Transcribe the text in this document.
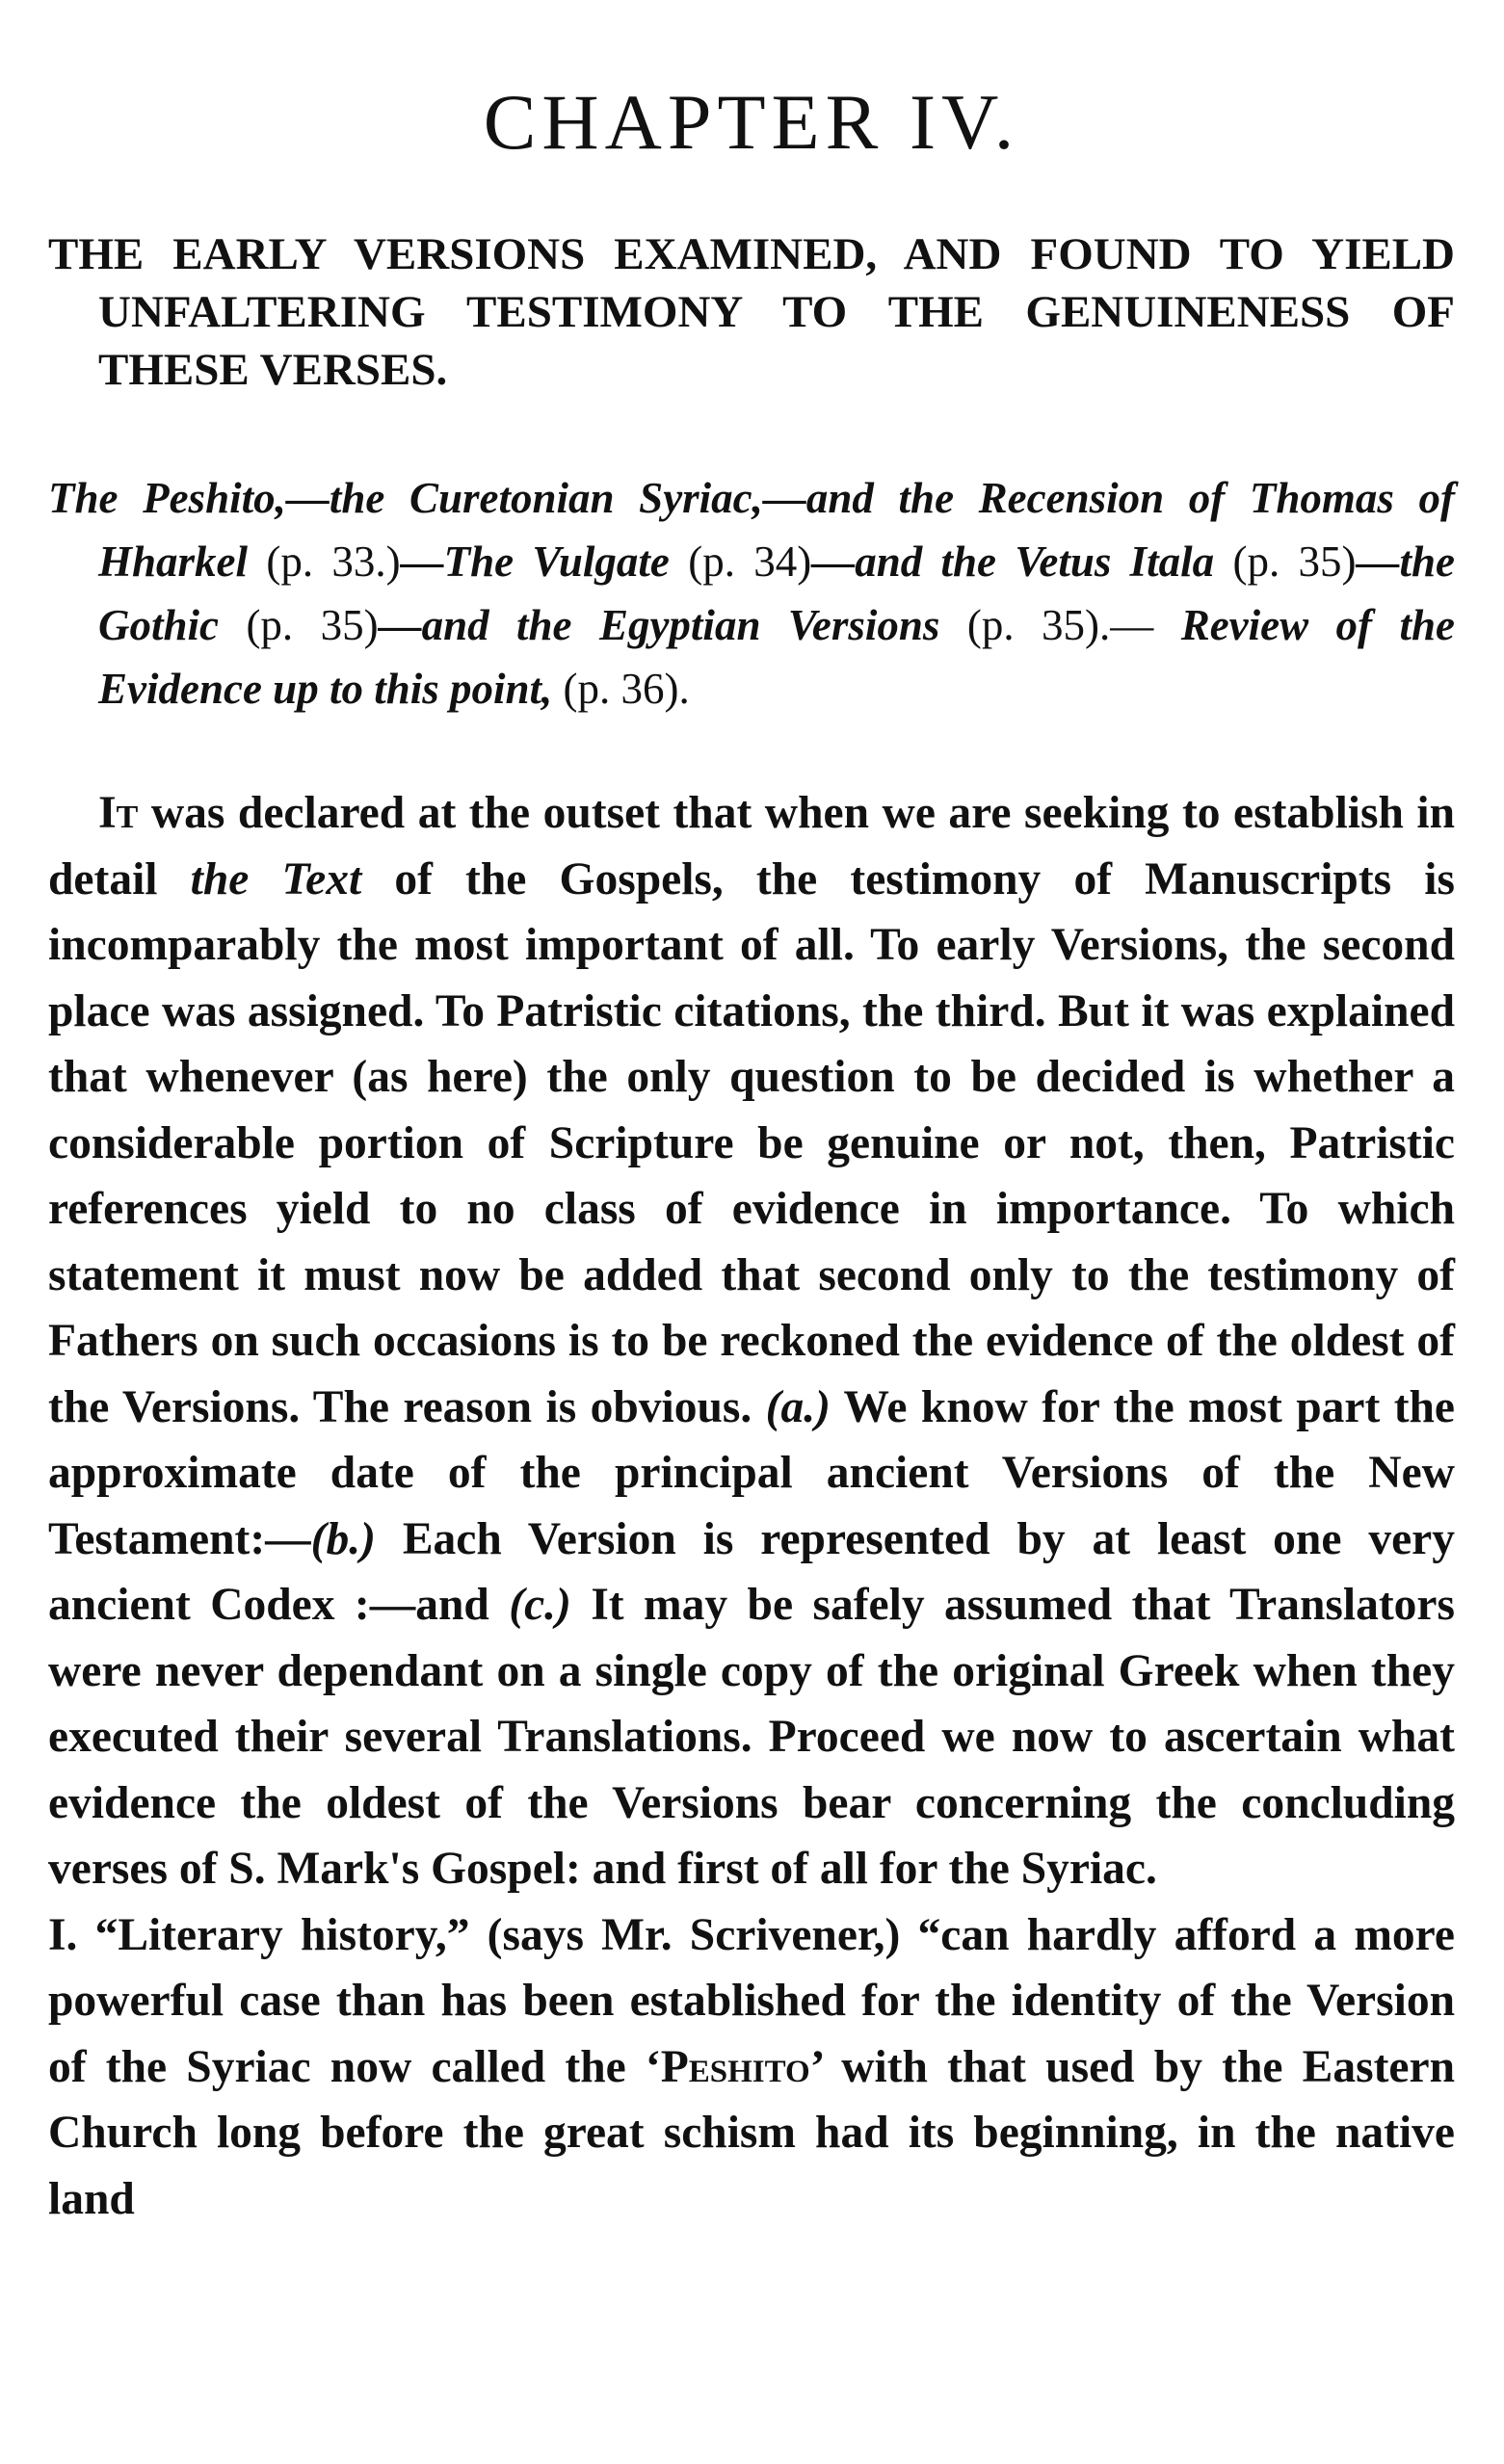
CHAPTER IV.

THE EARLY VERSIONS EXAMINED, AND FOUND TO YIELD UNFALTERING TESTIMONY TO THE GENUINENESS OF THESE VERSES.

The Peshito,—the Curetonian Syriac,—and the Recension of Thomas of Hharkel (p. 33.)—The Vulgate (p. 34)—and the Vetus Itala (p. 35)—the Gothic (p. 35)—and the Egyptian Versions (p. 35).— Review of the Evidence up to this point, (p. 36).

It was declared at the outset that when we are seeking to establish in detail the Text of the Gospels, the testimony of Manuscripts is incomparably the most important of all. To early Versions, the second place was assigned. To Patristic citations, the third. But it was explained that whenever (as here) the only question to be decided is whether a considerable portion of Scripture be genuine or not, then, Patristic references yield to no class of evidence in importance. To which statement it must now be added that second only to the testimony of Fathers on such occasions is to be reckoned the evidence of the oldest of the Versions. The reason is obvious. (a.) We know for the most part the approximate date of the principal ancient Versions of the New Testament:—(b.) Each Version is represented by at least one very ancient Codex :—and (c.) It may be safely assumed that Translators were never dependant on a single copy of the original Greek when they executed their several Translations. Proceed we now to ascertain what evidence the oldest of the Versions bear concerning the concluding verses of S. Mark's Gospel: and first of all for the Syriac.

I. “Literary history,” (says Mr. Scrivener,) “can hardly afford a more powerful case than has been established for the identity of the Version of the Syriac now called the ‘Peshito’ with that used by the Eastern Church long before the great schism had its beginning, in the native land
